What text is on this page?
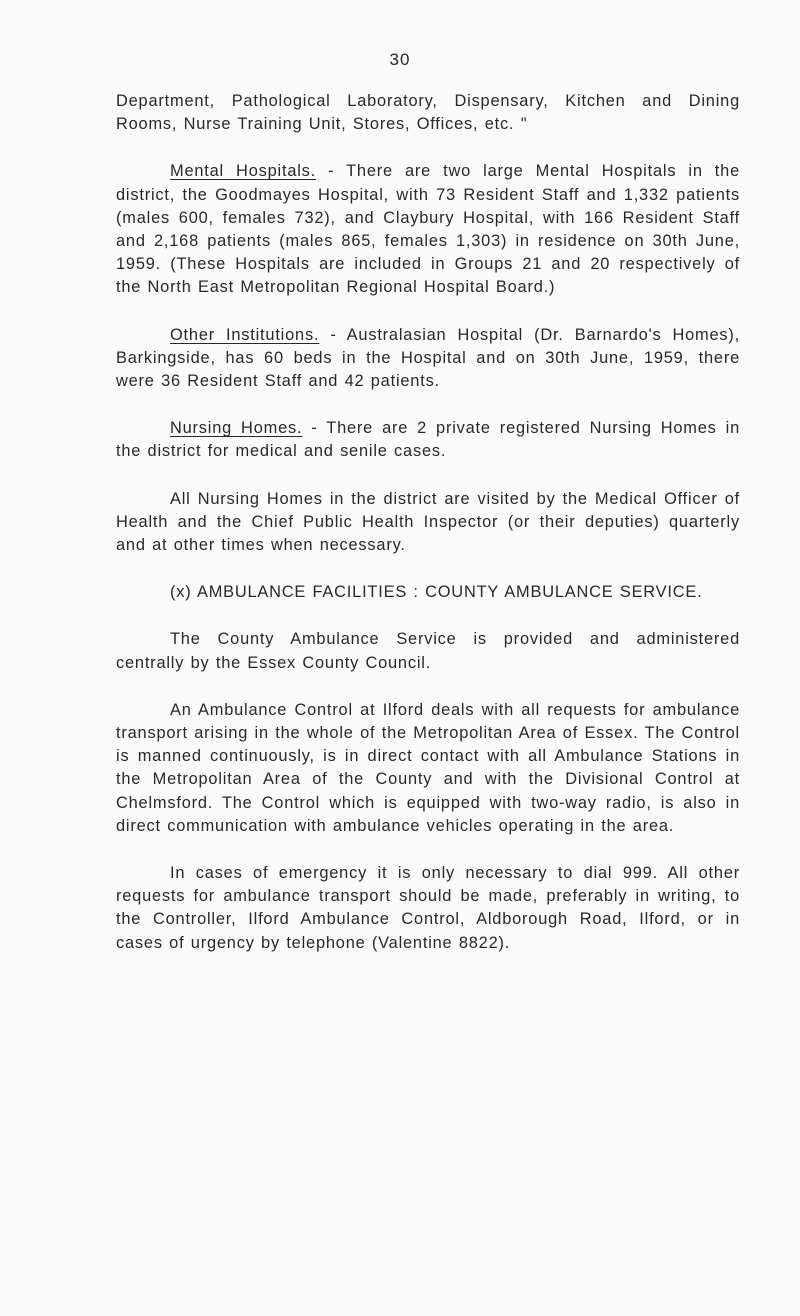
30

Department, Pathological Laboratory, Dispensary, Kitchen and Dining Rooms, Nurse Training Unit, Stores, Offices, etc. "

Mental Hospitals. - There are two large Mental Hospitals in the district, the Goodmayes Hospital, with 73 Resident Staff and 1,332 patients (males 600, females 732), and Claybury Hospital, with 166 Resident Staff and 2,168 patients (males 865, females 1,303) in residence on 30th June, 1959. (These Hospitals are included in Groups 21 and 20 respectively of the North East Metropolitan Regional Hospital Board.)

Other Institutions. - Australasian Hospital (Dr. Barnardo's Homes), Barkingside, has 60 beds in the Hospital and on 30th June, 1959, there were 36 Resident Staff and 42 patients.

Nursing Homes. - There are 2 private registered Nursing Homes in the district for medical and senile cases.

All Nursing Homes in the district are visited by the Medical Officer of Health and the Chief Public Health Inspector (or their deputies) quarterly and at other times when necessary.

(x) AMBULANCE FACILITIES : COUNTY AMBULANCE SERVICE.

The County Ambulance Service is provided and administered centrally by the Essex County Council.

An Ambulance Control at Ilford deals with all requests for ambulance transport arising in the whole of the Metropolitan Area of Essex. The Control is manned continuously, is in direct contact with all Ambulance Stations in the Metropolitan Area of the County and with the Divisional Control at Chelmsford. The Control which is equipped with two-way radio, is also in direct communication with ambulance vehicles operating in the area.

In cases of emergency it is only necessary to dial 999. All other requests for ambulance transport should be made, preferably in writing, to the Controller, Ilford Ambulance Control, Aldborough Road, Ilford, or in cases of urgency by telephone (Valentine 8822).
